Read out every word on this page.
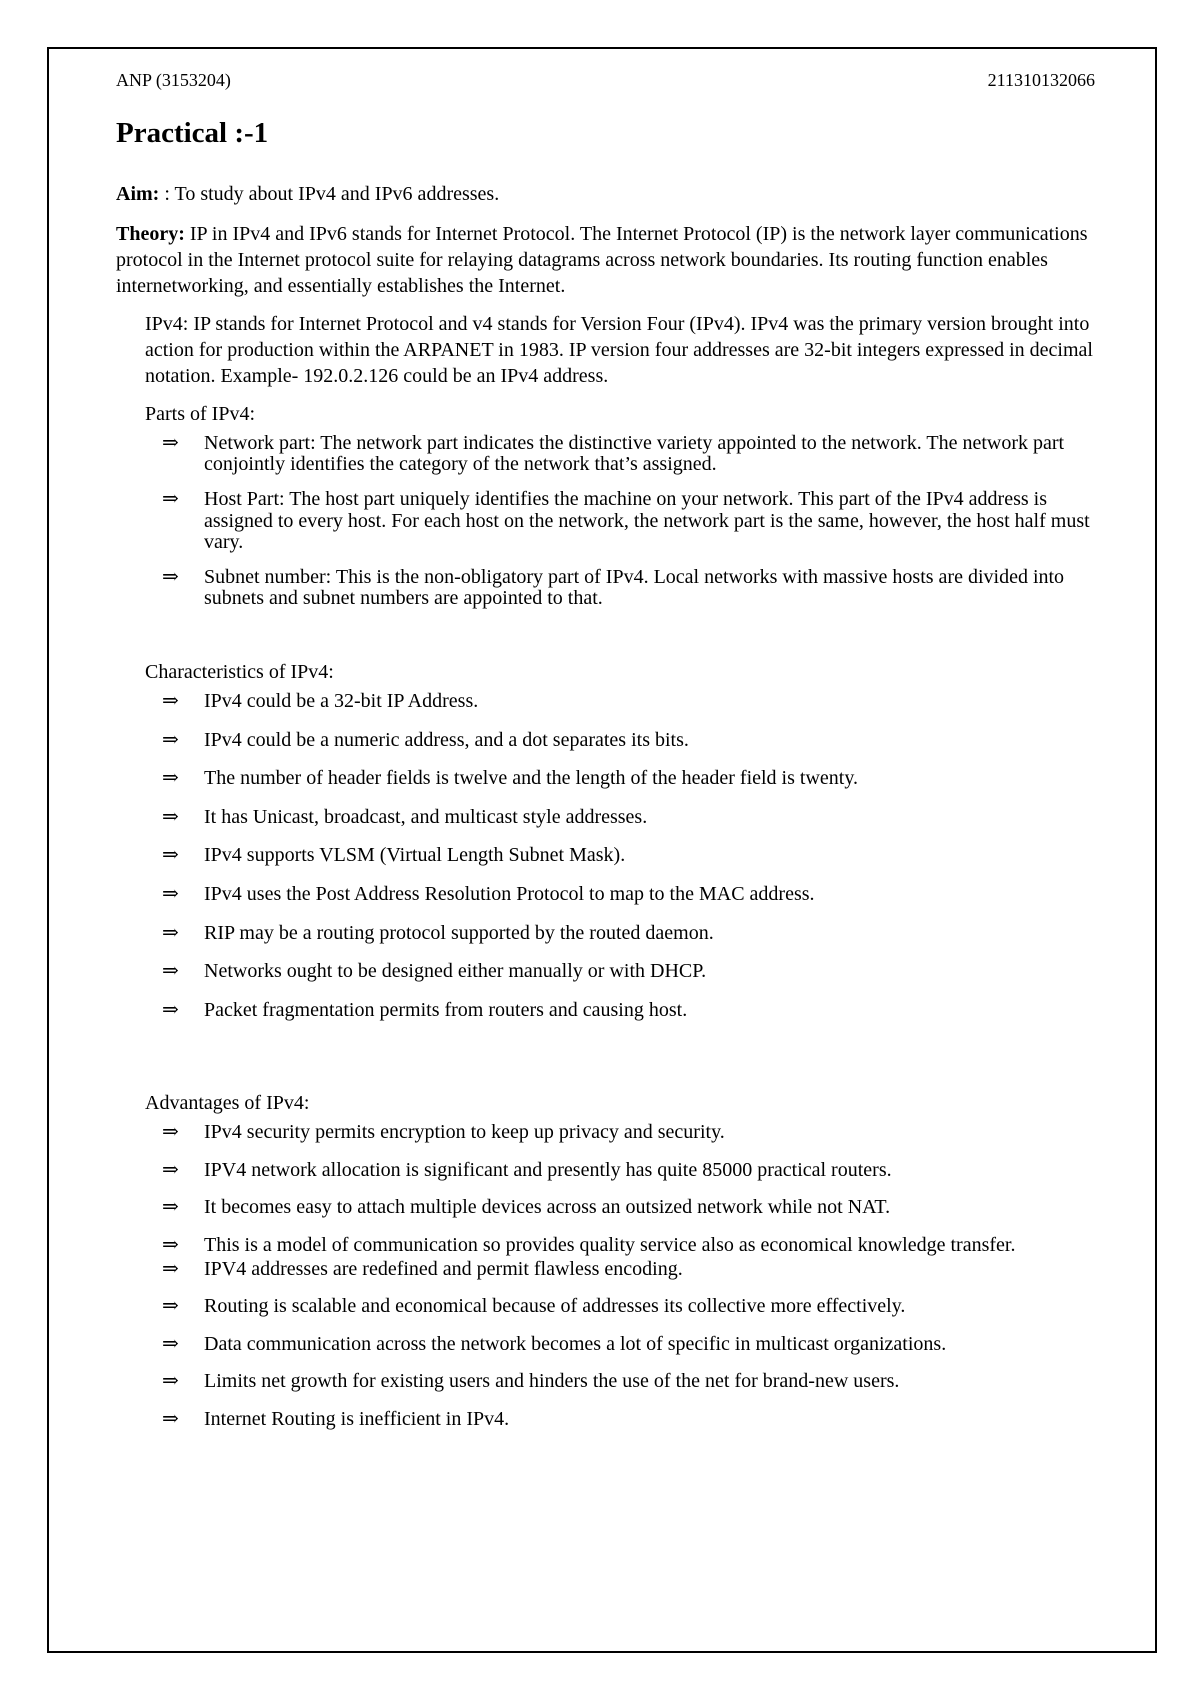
ANP (3153204)	211310132066
Practical :-1

Aim: : To study about IPv4 and IPv6 addresses.

Theory: IP in IPv4 and IPv6 stands for Internet Protocol. The Internet Protocol (IP) is the network layer communications protocol in the Internet protocol suite for relaying datagrams across network boundaries. Its routing function enables internetworking, and essentially establishes the Internet.

IPv4: IP stands for Internet Protocol and v4 stands for Version Four (IPv4). IPv4 was the primary version brought into action for production within the ARPANET in 1983. IP version four addresses are 32-bit integers expressed in decimal notation. Example- 192.0.2.126 could be an IPv4 address.

Parts of IPv4:
⇒	Network part: The network part indicates the distinctive variety appointed to the network. The network part conjointly identifies the category of the network that’s assigned.
⇒	Host Part: The host part uniquely identifies the machine on your network. This part of the IPv4 address is assigned to every host. For each host on the network, the network part is the same, however, the host half must vary.
⇒	Subnet number: This is the non-obligatory part of IPv4. Local networks with massive hosts are divided into subnets and subnet numbers are appointed to that.
Characteristics of IPv4:
⇒	IPv4 could be a 32-bit IP Address.
⇒	IPv4 could be a numeric address, and a dot separates its bits.
⇒	The number of header fields is twelve and the length of the header field is twenty.
⇒	It has Unicast, broadcast, and multicast style addresses.
⇒	IPv4 supports VLSM (Virtual Length Subnet Mask).
⇒	IPv4 uses the Post Address Resolution Protocol to map to the MAC address.
⇒	RIP may be a routing protocol supported by the routed daemon.
⇒	Networks ought to be designed either manually or with DHCP.
⇒	Packet fragmentation permits from routers and causing host.
Advantages of IPv4:
⇒	IPv4 security permits encryption to keep up privacy and security.
⇒	IPV4 network allocation is significant and presently has quite 85000 practical routers.
⇒	It becomes easy to attach multiple devices across an outsized network while not NAT.
⇒	This is a model of communication so provides quality service also as economical knowledge transfer.
⇒	IPV4 addresses are redefined and permit flawless encoding.
⇒	Routing is scalable and economical because of addresses its collective more effectively.
⇒	Data communication across the network becomes a lot of specific in multicast organizations.
⇒	Limits net growth for existing users and hinders the use of the net for brand-new users.
⇒	Internet Routing is inefficient in IPv4.
